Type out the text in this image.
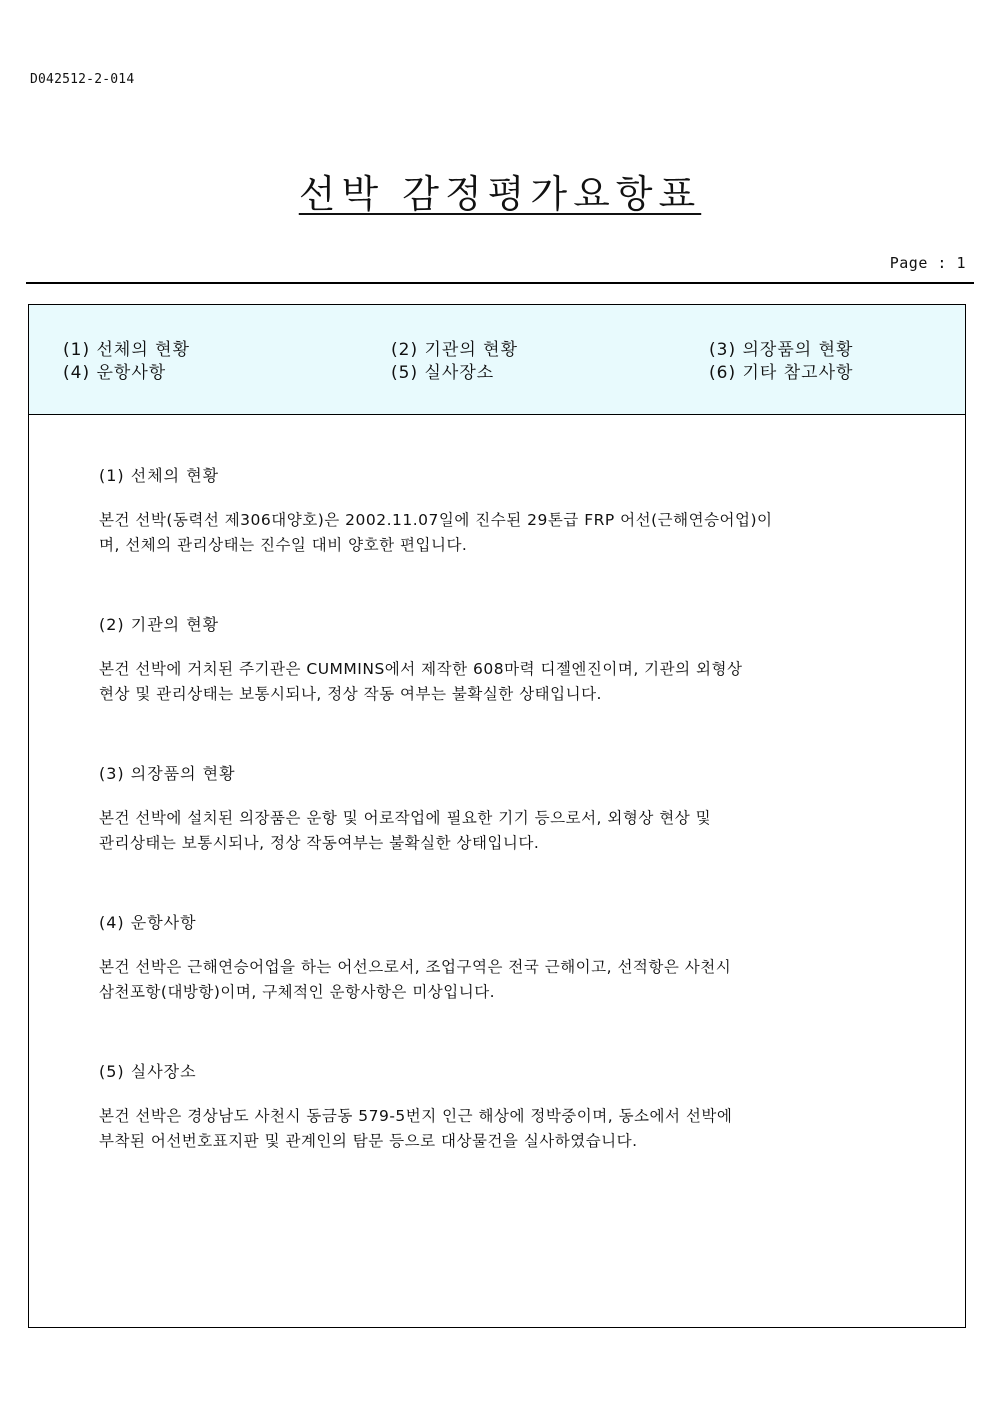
D042512-2-014
선박 감정평가요항표
Page : 1
(1) 선체의 현황	(2) 기관의 현황	(3) 의장품의 현황
(4) 운항사항	(5) 실사장소	(6) 기타 참고사항

(1) 선체의 현황

본건 선박(동력선 제306대양호)은 2002.11.07일에 진수된 29톤급 FRP 어선(근해연승어업)이
며, 선체의 관리상태는 진수일 대비 양호한 편입니다.

(2) 기관의 현황

본건 선박에 거치된 주기관은 CUMMINS에서 제작한 608마력 디젤엔진이며, 기관의 외형상
현상 및 관리상태는 보통시되나, 정상 작동 여부는 불확실한 상태입니다.

(3) 의장품의 현황

본건 선박에 설치된 의장품은 운항 및 어로작업에 필요한 기기 등으로서, 외형상 현상 및
관리상태는 보통시되나, 정상 작동여부는 불확실한 상태입니다.

(4) 운항사항

본건 선박은 근해연승어업을 하는 어선으로서, 조업구역은 전국 근해이고, 선적항은 사천시
삼천포항(대방항)이며, 구체적인 운항사항은 미상입니다.

(5) 실사장소

본건 선박은 경상남도 사천시 동금동 579-5번지 인근 해상에 정박중이며, 동소에서 선박에
부착된 어선번호표지판 및 관계인의 탐문 등으로 대상물건을 실사하였습니다.
